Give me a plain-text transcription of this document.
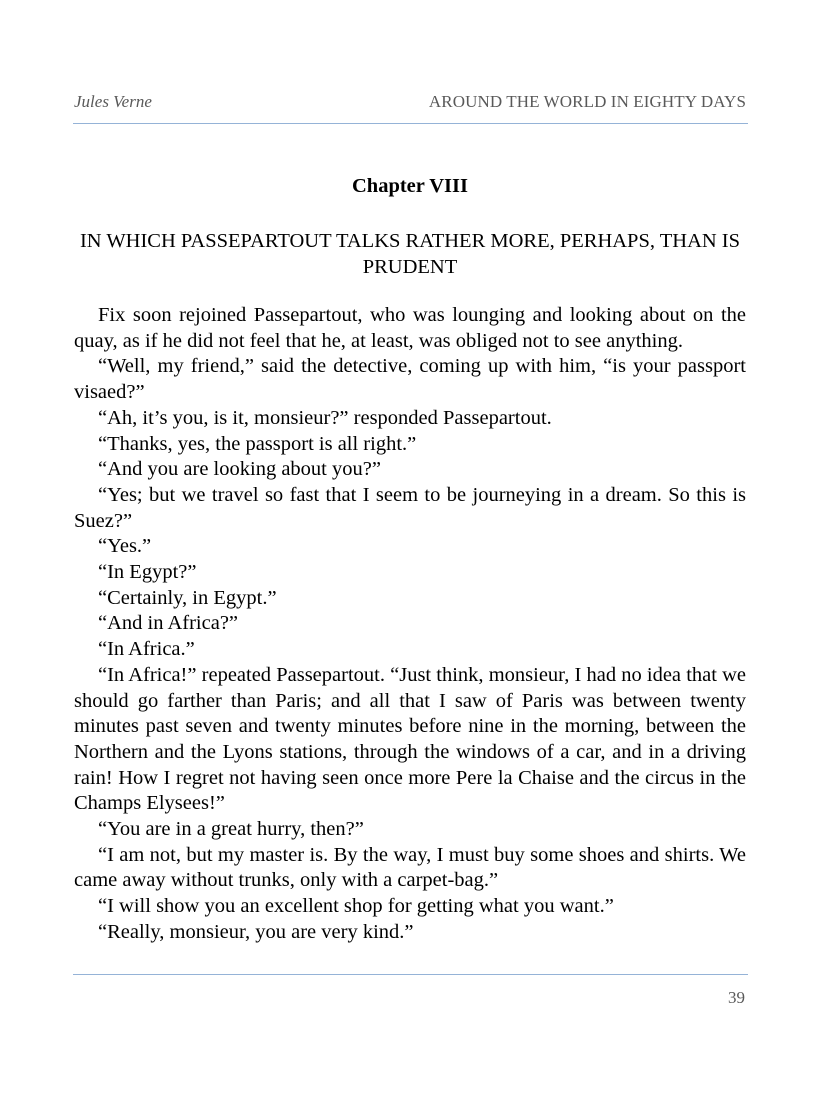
Jules Verne	AROUND THE WORLD IN EIGHTY DAYS
Chapter VIII
IN WHICH PASSEPARTOUT TALKS RATHER MORE, PERHAPS, THAN IS PRUDENT

Fix soon rejoined Passepartout, who was lounging and looking about on the quay, as if he did not feel that he, at least, was obliged not to see anything.

“Well, my friend,” said the detective, coming up with him, “is your passport visaed?”

“Ah, it’s you, is it, monsieur?” responded Passepartout.

“Thanks, yes, the passport is all right.”

“And you are looking about you?”

“Yes; but we travel so fast that I seem to be journeying in a dream. So this is Suez?”

“Yes.”

“In Egypt?”

“Certainly, in Egypt.”

“And in Africa?”

“In Africa.”

“In Africa!” repeated Passepartout. “Just think, monsieur, I had no idea that we should go farther than Paris; and all that I saw of Paris was between twenty minutes past seven and twenty minutes before nine in the morning, between the Northern and the Lyons stations, through the windows of a car, and in a driving rain! How I regret not having seen once more Pere la Chaise and the circus in the Champs Elysees!”

“You are in a great hurry, then?”

“I am not, but my master is. By the way, I must buy some shoes and shirts. We came away without trunks, only with a carpet-bag.”

“I will show you an excellent shop for getting what you want.”

“Really, monsieur, you are very kind.”

39
